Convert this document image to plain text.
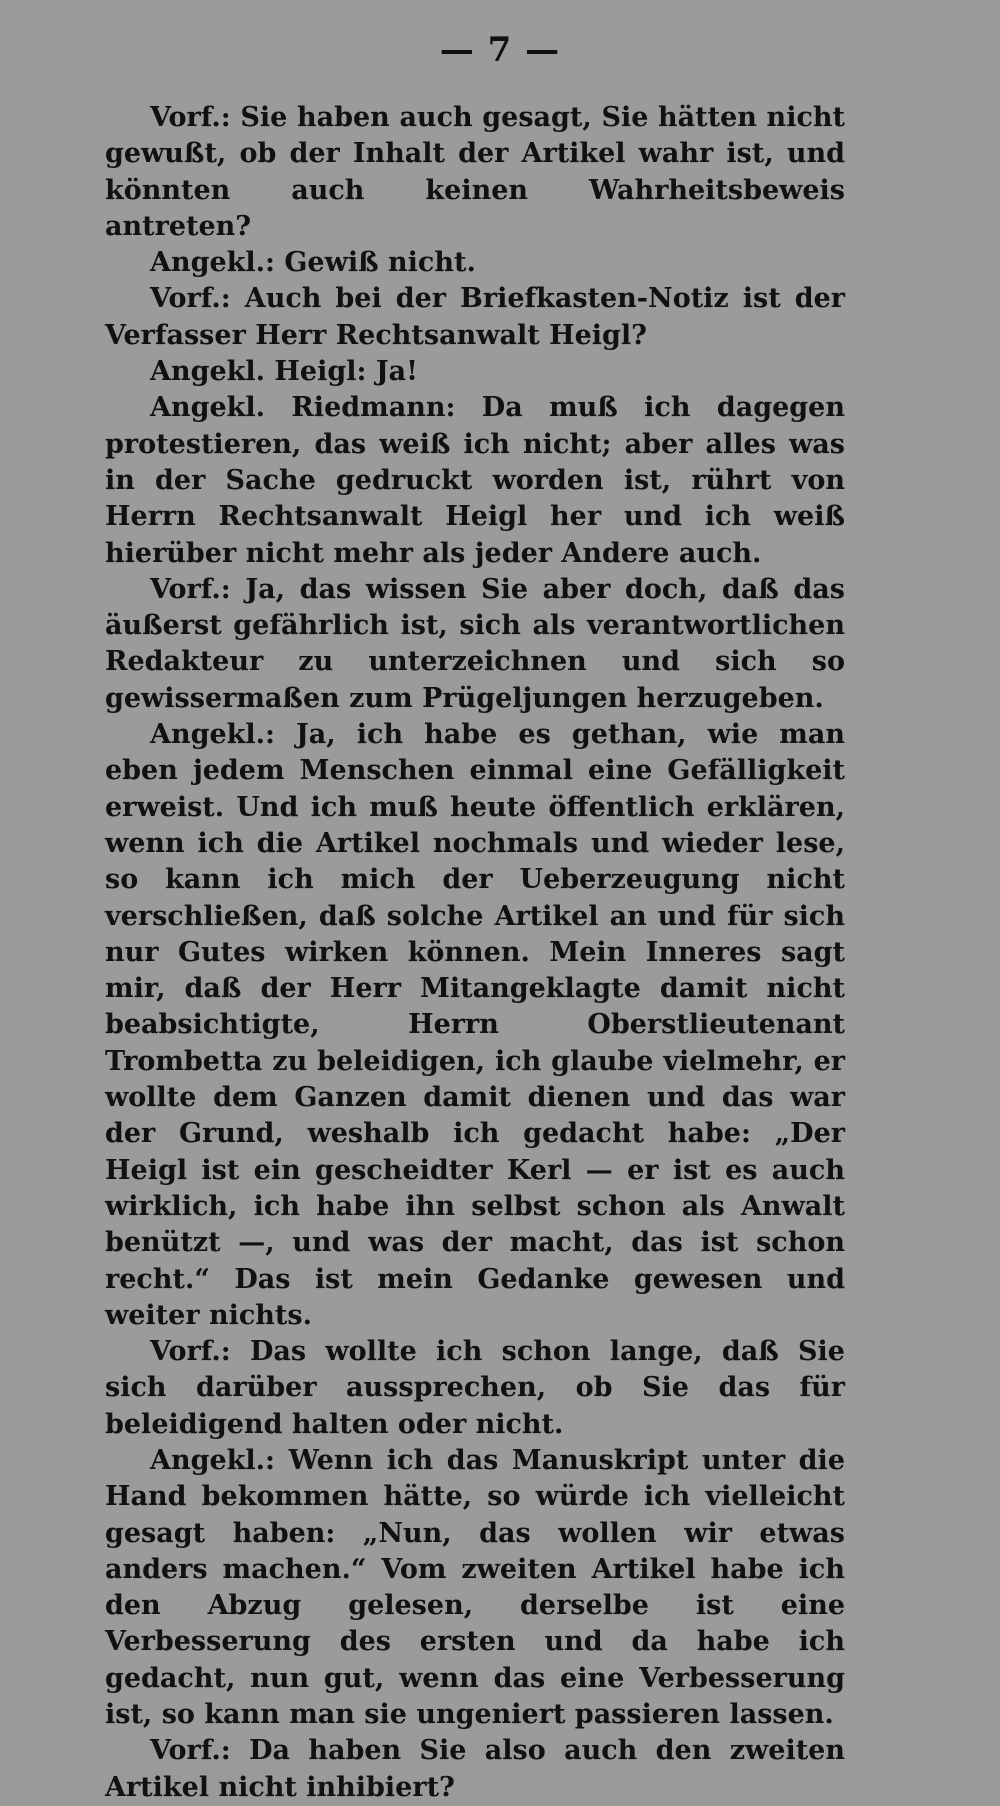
— 7 —

Vorf.: Sie haben auch gesagt, Sie hätten nicht gewußt, ob der Inhalt der Artikel wahr ist, und könnten auch keinen Wahrheitsbeweis antreten?

Angekl.: Gewiß nicht.

Vorf.: Auch bei der Briefkasten-Notiz ist der Verfasser Herr Rechtsanwalt Heigl?

Angekl. Heigl: Ja!

Angekl. Riedmann: Da muß ich dagegen protestieren, das weiß ich nicht; aber alles was in der Sache gedruckt worden ist, rührt von Herrn Rechtsanwalt Heigl her und ich weiß hierüber nicht mehr als jeder Andere auch.

Vorf.: Ja, das wissen Sie aber doch, daß das äußerst gefährlich ist, sich als verantwortlichen Redakteur zu unterzeichnen und sich so gewissermaßen zum Prügeljungen herzugeben.

Angekl.: Ja, ich habe es gethan, wie man eben jedem Menschen einmal eine Gefälligkeit erweist. Und ich muß heute öffentlich erklären, wenn ich die Artikel nochmals und wieder lese, so kann ich mich der Ueberzeugung nicht verschließen, daß solche Artikel an und für sich nur Gutes wirken können. Mein Inneres sagt mir, daß der Herr Mitangeklagte damit nicht beabsichtigte, Herrn Oberstlieutenant Trombetta zu beleidigen, ich glaube vielmehr, er wollte dem Ganzen damit dienen und das war der Grund, weshalb ich gedacht habe: „Der Heigl ist ein gescheidter Kerl — er ist es auch wirklich, ich habe ihn selbst schon als Anwalt benützt —, und was der macht, das ist schon recht.“ Das ist mein Gedanke gewesen und weiter nichts.

Vorf.: Das wollte ich schon lange, daß Sie sich darüber aussprechen, ob Sie das für beleidigend halten oder nicht.

Angekl.: Wenn ich das Manuskript unter die Hand bekommen hätte, so würde ich vielleicht gesagt haben: „Nun, das wollen wir etwas anders machen.“ Vom zweiten Artikel habe ich den Abzug gelesen, derselbe ist eine Verbesserung des ersten und da habe ich gedacht, nun gut, wenn das eine Verbesserung ist, so kann man sie ungeniert passieren lassen.

Vorf.: Da haben Sie also auch den zweiten Artikel nicht inhibiert?
